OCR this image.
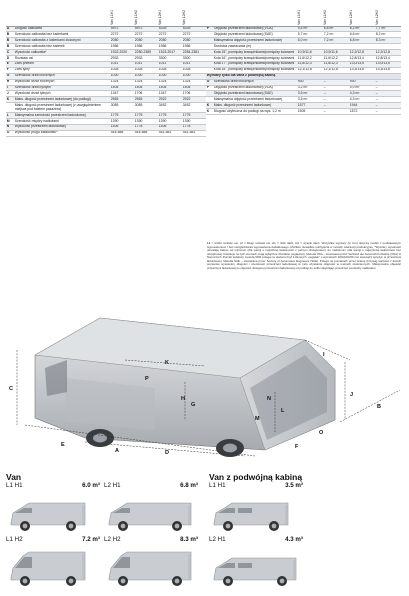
		Van L1H1	Van L1H2	Van L2H1	Van L2H2

A	Długość całkowita	4972	4972	5339	5339
B	Szerokość całkowita bez lusterkami	2272	2272	2272	2272
B	Szerokość całkowita z lusterkami złożonymi	2080	2080	2080	2080
B	Szerokość całkowita bez lusterek	1986	1986	1986	1986
C	Wysokość całkowita*	1922-2020	2280-2389	1923-2017	2284-2381
D	Rozstaw osi	2933	2933	3300	3300
E	Zwis przedni	1011	1011	1011	1011
F	Zwis tylny	1028	1028	1028	1028
G	Szerokość drzwi bocznych	1030	1030	1030	1030
H	Wysokość drzwi bocznych	1324	1324	1324	1324
I	Szerokość drzwi tylnych	1404	1404	1404	1404
J	Wysokość drzwi tylnych	1347	1706	1347	1706
K	Maks. długość przestrzeni ładunkowej (do podłogi)	2555	2555	2922	2922
	Maks. długość przestrzeni ładunkowej (z uwzględnieniem miejsca pod fotelem pasażera)	3085	3085	3452	3452
L	Maksymalna szerokość przestrzeni ładunkowej	1775	1775	1775	1775
M	Szerokość między nadkolami	1390	1390	1390	1390
N	Wysokość przestrzeni ładunkowej	1406	1778	1406	1778
O	Wysokość progu załadunku*	444-588	444-588	451-581	451-581

		Van L1H1	Van L1H2	Van L2H1	Van L2H2

P	Objętość przestrzeni ładunkowej (VDA)	5,4 m³	6,8 m³	6,2 m³	7,7 m³
	Objętość przestrzeni ładunkowej (SAE)	5,7 m³	7,2 m³	6,6 m³	8,2 m³
	Maksymalna objętość przestrzeni ładunkowej	6,0 m³	7,2 m³	6,8 m³	8,3 m³
	Średnica zawracania (m)				
	Koła 15", pomiędzy krawężnikami/pomiędzy ścianami	10,9/11,6	10,9/11,6	12,2/12,8	12,2/12,8
	Koła 16", pomiędzy krawężnikami/pomiędzy ścianami	11,6/12,2	11,6/12,2	12,8/13,4	12,8/13,4
	Koła 17", pomiędzy krawężnikami/pomiędzy ścianami	11,8/12,3	11,8/12,3	13,0/13,5	13,0/13,5
	Koła 18", pomiędzy krawężnikami/pomiędzy ścianami	12,1/12,6	12,1/12,6	13,3/13,8	13,3/13,8
Wymiary tylko dla vana z podwójną kabiną					
G	Szerokość drzwi bocznych	930	–	930	–
P	Objętość przestrzeni ładunkowej (VDA)	3,2 m³	–	4,0 m³	–
	Objętość przestrzeni ładunkowej (SAE)	3,5 m³	–	4,3 m³	–
	Maksymalna objętość przestrzeni ładunkowej	3,5 m³	–	4,3 m³	–
K	Maks. długość przestrzeni ładunkowej	1577	–	1944	–
K	Długość użyteczna do podłogi na wys. 1,2 m	1505	–	1872	–
L1 = krótki rozstaw osi, L2 = Długi rozstaw osi, H1 = niski dach, H2 = wysoki dach. Wszystkie wymiary (w mm) dotyczą modeli z podstawowym wyposażeniem i bez uwzględniania wyposażenia dodatkowego. Możliwe niewielkie odchylenia w ramach tolerancji produkcyjnej. *Wymiary wysokości określają zakres od minimum (dla wersji o najniższej ładowności z pełnym obciążeniem) do maksimum (dla wersji o najwyższej ładowności bez obciążenia). Ilustracje na tych stronach mają wyłącznie charakter poglądowy. Metoda VDA – stosowana przez Verband der Automobil Industrie (VDA) w Niemczech. Pomiar kubatury metodą VDR polega na ułożeniu brył 1-litrowych „cegiełek” o wymiarach 200x100x50 mm wewnątrz sprężyn w przestrzeni ładunkowej. Metoda SAE – stosowana przez Society of Automotive Engineers (SAE). Polega na pomiarach przez ścianę (krzywą) wartości z dwóch pomiarów wysokości, długości i szerokości przestrzeni ładunkowej w celu uzyskania objętości w metrach sześciennych. Maksymalna objętość przestrzeni ładunkowej to objętość dostępnej przestrzeni ładunkowej od podłogi do sufitu włączając przestrzeń pomiędzy nadkolami.
A
B
C
D
E	F
G
H
I
J
K
L
M
N
O
P
Van	Van z podwójną kabiną
L1 H1	6.0 m³ L2 H1	6.8 m³
L1 H2	7.2 m³ L2 H2	8.3 m³
L1 H1	3.5 m³
L2 H1	4.3 m³
